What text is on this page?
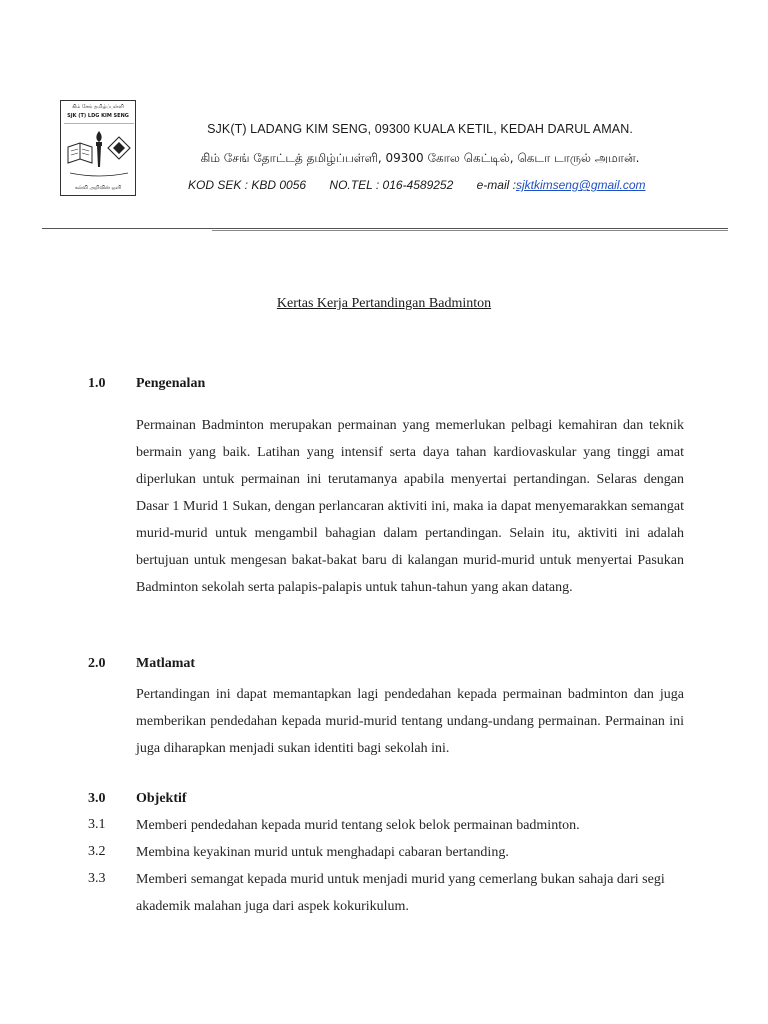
கிம் சேங் தமிழ்ப்பள்ளி
SJK (T) LDG KIM SENG
கல்வி அறிவின் ஒளி
SJK(T) LADANG KIM SENG, 09300 KUALA KETIL, KEDAH DARUL AMAN.
கிம் சேங் தோட்டத் தமிழ்ப்பள்ளி, 09300 கோல கெட்டில், கெடா டாருல் அமான்.
KOD SEK : KBD 0056 NO.TEL : 016-4589252 e-mail :sjktkimseng@gmail.com
Kertas Kerja Pertandingan Badminton
1.0 Pengenalan

Permainan Badminton merupakan permainan yang memerlukan pelbagi kemahiran dan teknik bermain yang baik. Latihan yang intensif serta daya tahan kardiovaskular yang tinggi amat diperlukan untuk permainan ini terutamanya apabila menyertai pertandingan. Selaras dengan Dasar 1 Murid 1 Sukan, dengan perlancaran aktiviti ini, maka ia dapat menyemarakkan semangat murid-murid untuk mengambil bahagian dalam pertandingan. Selain itu, aktiviti ini adalah bertujuan untuk mengesan bakat-bakat baru di kalangan murid-murid untuk menyertai Pasukan Badminton sekolah serta palapis-palapis untuk tahun-tahun yang akan datang.

2.0 Matlamat

Pertandingan ini dapat memantapkan lagi pendedahan kepada permainan badminton dan juga memberikan pendedahan kepada murid-murid tentang undang-undang permainan. Permainan ini juga diharapkan menjadi sukan identiti bagi sekolah ini.

3.0 Objektif
3.1 Memberi pendedahan kepada murid tentang selok belok permainan badminton.
3.2 Membina keyakinan murid untuk menghadapi cabaran bertanding.
3.3 Memberi semangat kepada murid untuk menjadi murid yang cemerlang bukan sahaja dari segi akademik malahan juga dari aspek kokurikulum.
